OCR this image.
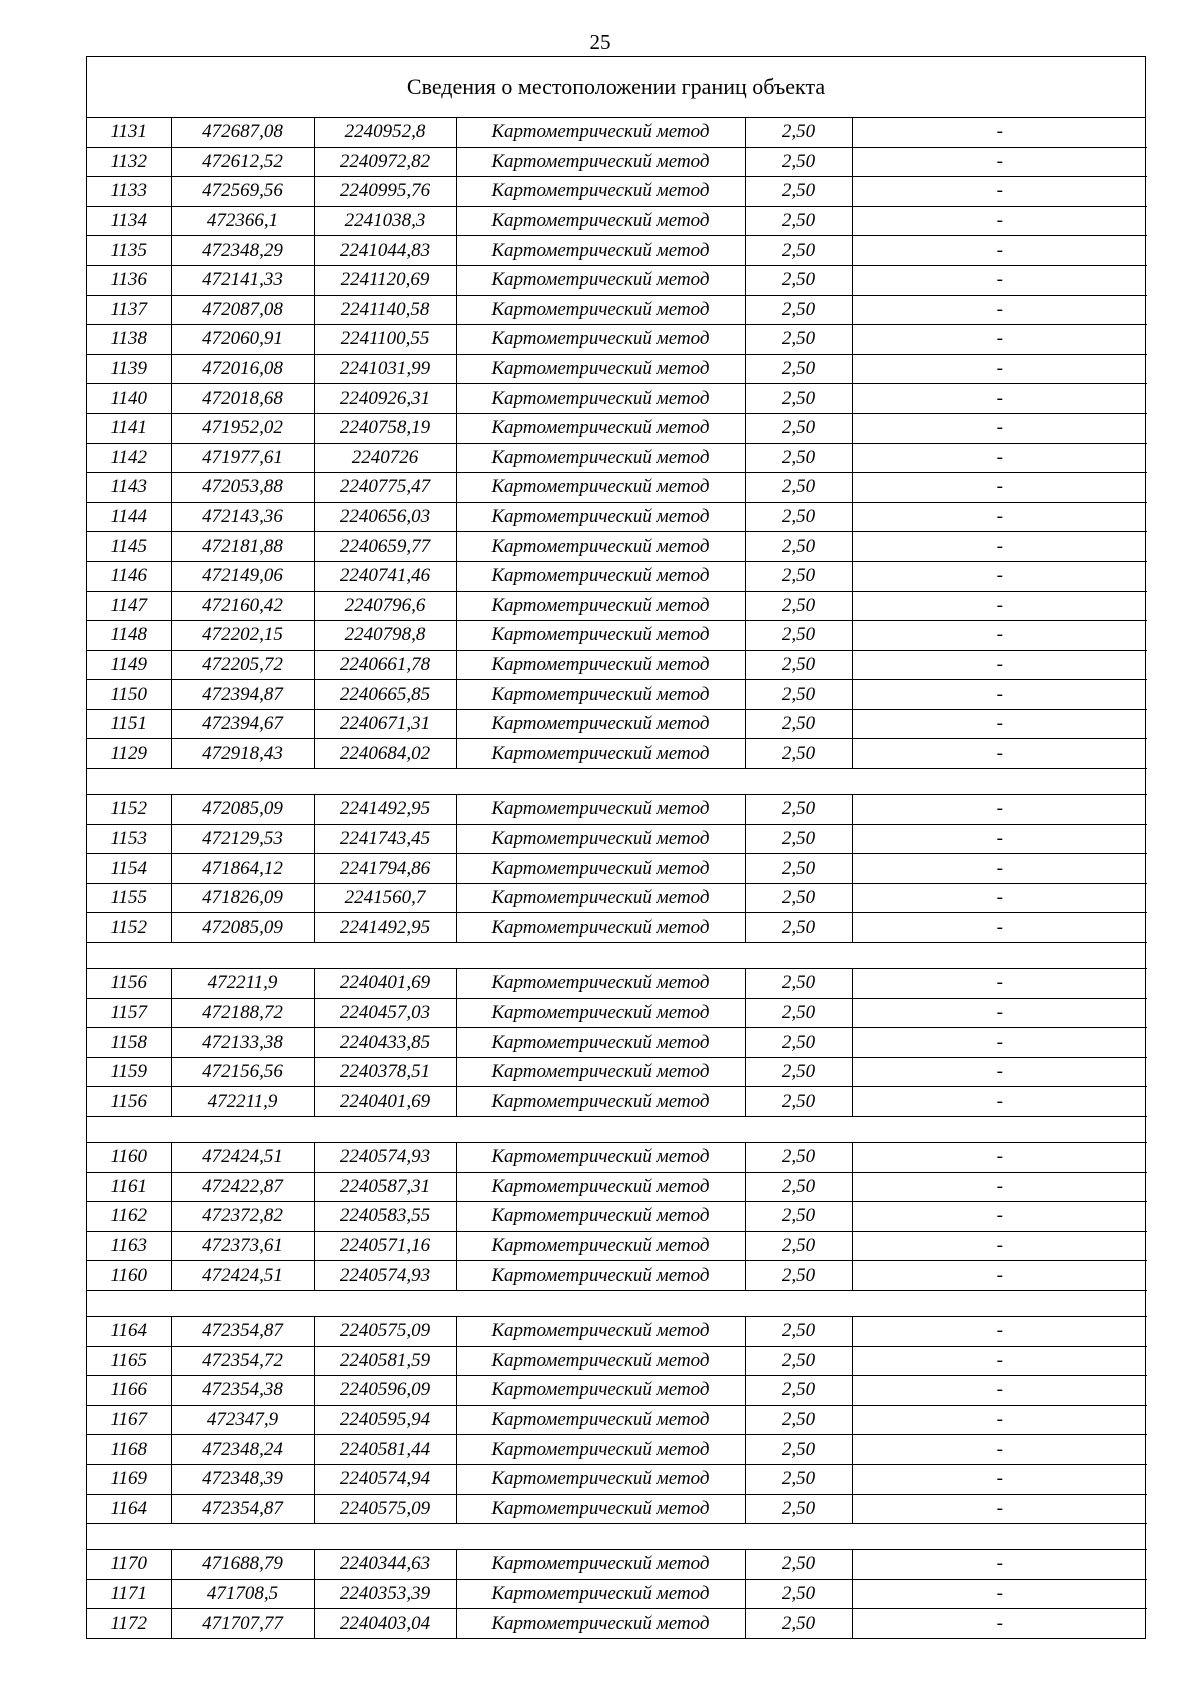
25
Сведения о местоположении границ объекта
1131	472687,08	2240952,8	Картометрический метод	2,50	-
1132	472612,52	2240972,82	Картометрический метод	2,50	-
1133	472569,56	2240995,76	Картометрический метод	2,50	-
1134	472366,1	2241038,3	Картометрический метод	2,50	-
1135	472348,29	2241044,83	Картометрический метод	2,50	-
1136	472141,33	2241120,69	Картометрический метод	2,50	-
1137	472087,08	2241140,58	Картометрический метод	2,50	-
1138	472060,91	2241100,55	Картометрический метод	2,50	-
1139	472016,08	2241031,99	Картометрический метод	2,50	-
1140	472018,68	2240926,31	Картометрический метод	2,50	-
1141	471952,02	2240758,19	Картометрический метод	2,50	-
1142	471977,61	2240726	Картометрический метод	2,50	-
1143	472053,88	2240775,47	Картометрический метод	2,50	-
1144	472143,36	2240656,03	Картометрический метод	2,50	-
1145	472181,88	2240659,77	Картометрический метод	2,50	-
1146	472149,06	2240741,46	Картометрический метод	2,50	-
1147	472160,42	2240796,6	Картометрический метод	2,50	-
1148	472202,15	2240798,8	Картометрический метод	2,50	-
1149	472205,72	2240661,78	Картометрический метод	2,50	-
1150	472394,87	2240665,85	Картометрический метод	2,50	-
1151	472394,67	2240671,31	Картометрический метод	2,50	-
1129	472918,43	2240684,02	Картометрический метод	2,50	-

1152	472085,09	2241492,95	Картометрический метод	2,50	-
1153	472129,53	2241743,45	Картометрический метод	2,50	-
1154	471864,12	2241794,86	Картометрический метод	2,50	-
1155	471826,09	2241560,7	Картометрический метод	2,50	-
1152	472085,09	2241492,95	Картометрический метод	2,50	-

1156	472211,9	2240401,69	Картометрический метод	2,50	-
1157	472188,72	2240457,03	Картометрический метод	2,50	-
1158	472133,38	2240433,85	Картометрический метод	2,50	-
1159	472156,56	2240378,51	Картометрический метод	2,50	-
1156	472211,9	2240401,69	Картометрический метод	2,50	-

1160	472424,51	2240574,93	Картометрический метод	2,50	-
1161	472422,87	2240587,31	Картометрический метод	2,50	-
1162	472372,82	2240583,55	Картометрический метод	2,50	-
1163	472373,61	2240571,16	Картометрический метод	2,50	-
1160	472424,51	2240574,93	Картометрический метод	2,50	-

1164	472354,87	2240575,09	Картометрический метод	2,50	-
1165	472354,72	2240581,59	Картометрический метод	2,50	-
1166	472354,38	2240596,09	Картометрический метод	2,50	-
1167	472347,9	2240595,94	Картометрический метод	2,50	-
1168	472348,24	2240581,44	Картометрический метод	2,50	-
1169	472348,39	2240574,94	Картометрический метод	2,50	-
1164	472354,87	2240575,09	Картометрический метод	2,50	-

1170	471688,79	2240344,63	Картометрический метод	2,50	-
1171	471708,5	2240353,39	Картометрический метод	2,50	-
1172	471707,77	2240403,04	Картометрический метод	2,50	-
